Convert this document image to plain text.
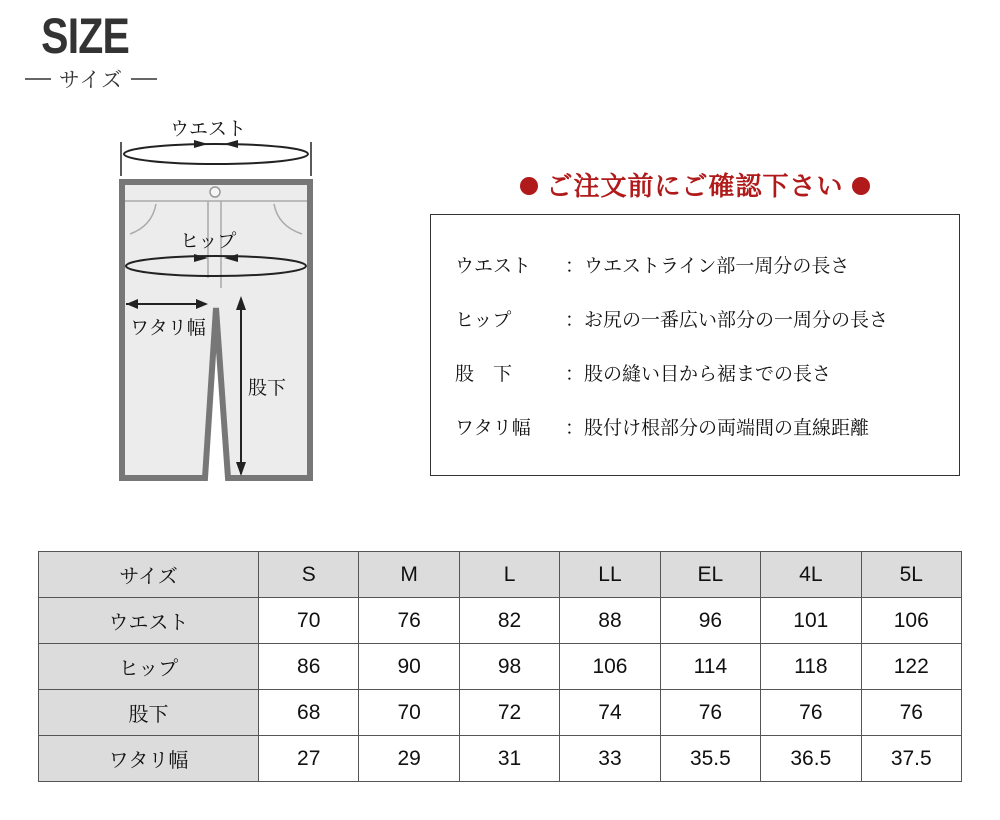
SIZE
サイズ
ウエスト
ヒップ
ワタリ幅
股下
ご注文前にご確認下さい
ウエスト	：ウエストライン部一周分の長さ
ヒップ	：お尻の一番広い部分の一周分の長さ
股　下	：股の縫い目から裾までの長さ
ワタリ幅	：股付け根部分の両端間の直線距離
サイズ	S	M	L	LL	EL	4L	5L
ウエスト	70	76	82	88	96	101	106
ヒップ	86	90	98	106	114	118	122
股下	68	70	72	74	76	76	76
ワタリ幅	27	29	31	33	35.5	36.5	37.5
